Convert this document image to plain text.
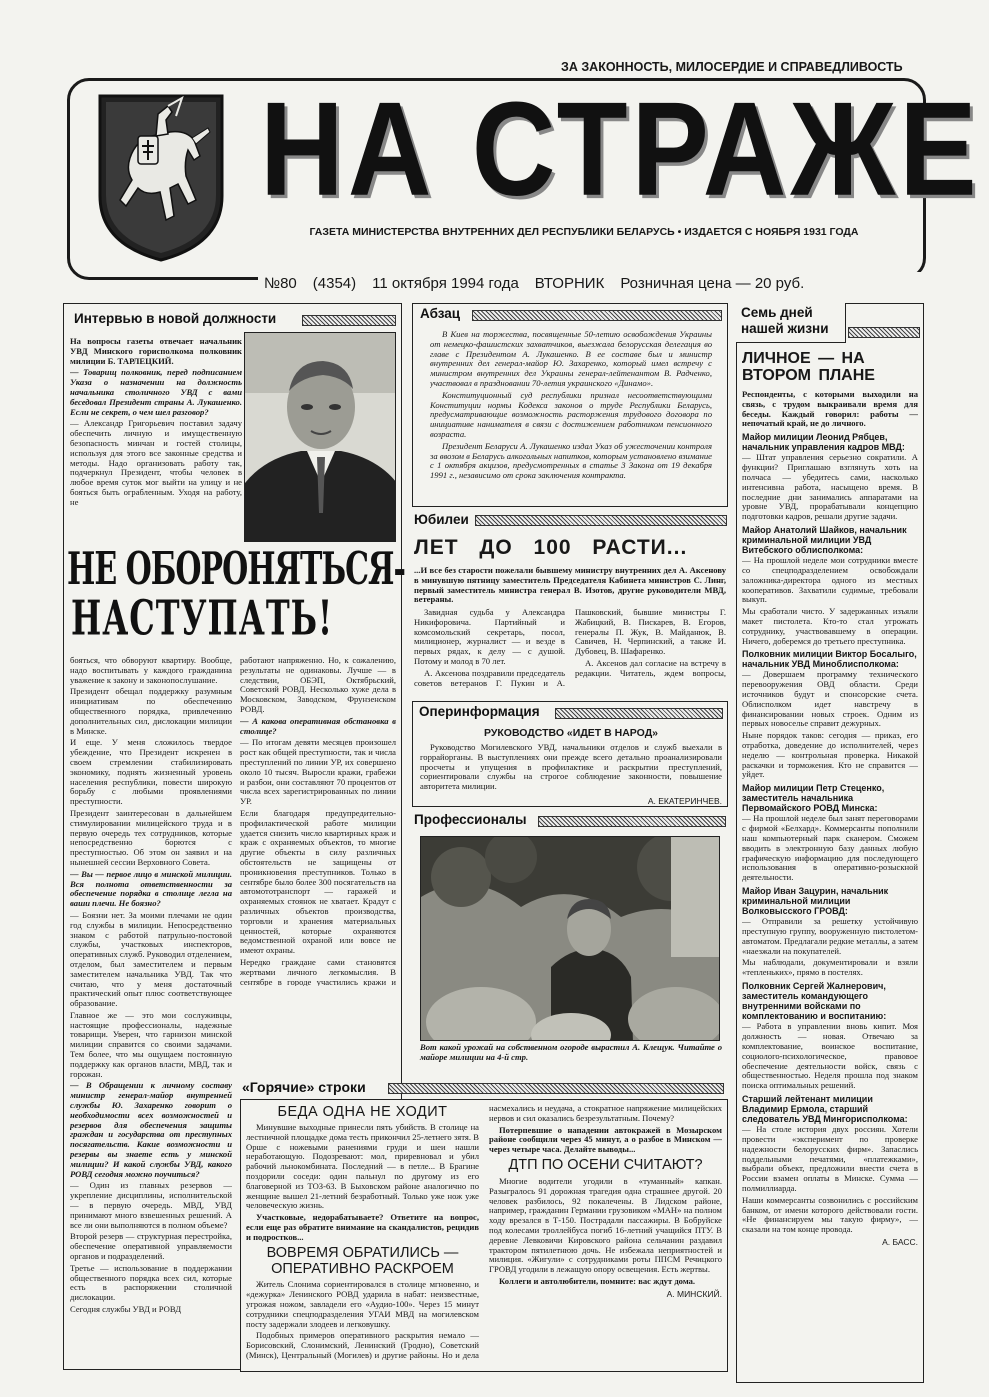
ЗА ЗАКОННОСТЬ, МИЛОСЕРДИЕ И СПРАВЕДЛИВОСТЬ
НА СТРАЖЕ
ГАЗЕТА МИНИСТЕРСТВА ВНУТРЕННИХ ДЕЛ РЕСПУБЛИКИ БЕЛАРУСЬ • ИЗДАЕТСЯ С НОЯБРЯ 1931 ГОДА
№80 (4354) 11 октября 1994 года ВТОРНИК Розничная цена — 20 руб.
Интервью в новой должности

На вопросы газеты отвечает начальник УВД Минского горисполкома полковник милиции Б. ТАРЛЕЦКИЙ.

— Товарищ полковник, перед подписанием Указа о назначении на должность начальника столичного УВД с вами беседовал Президент страны А. Лукашенко. Если не секрет, о чем шел разговор?

— Александр Григорьевич поставил задачу обеспечить личную и имущественную безопасность минчан и гостей столицы, используя для этого все законные средства и методы. Надо организовать работу так, подчеркнул Президент, чтобы человек в любое время суток мог выйти на улицу и не бояться быть ограбленным. Уходя на работу, не

НЕ ОБОРОНЯТЬСЯ-
НАСТУПАТЬ!

бояться, что обворуют квартиру. Вообще, надо воспитывать у каждого гражданина уважение к закону и законопослушание.

Президент обещал поддержку разумным инициативам по обеспечению общественного порядка, привлечению дополнительных сил, дислокации милиции в Минске.

И еще. У меня сложилось твердое убеждение, что Президент искренен в своем стремлении стабилизировать экономику, поднять жизненный уровень населения республики, повести широкую борьбу с любыми проявлениями преступности.

Президент заинтересован в дальнейшем стимулировании милицейского труда и в первую очередь тех сотрудников, которые непосредственно борются с преступностью. Об этом он заявил и на нынешней сессии Верховного Совета.

— Вы — первое лицо в минской милиции. Вся полнота ответственности за обеспечение порядка в столице легла на ваши плечи. Не боязно?

— Боязни нет. За моими плечами не один год службы в милиции. Непосредственно знаком с работой патрульно-постовой службы, участковых инспекторов, оперативных служб. Руководил отделением, отделом, был заместителем и первым заместителем начальника УВД. Так что считаю, что у меня достаточный практический опыт плюс соответствующее образование.

Главное же — это мои сослуживцы, настоящие профессионалы, надежные товарищи. Уверен, что гарнизон минской милиции справится со своими задачами. Тем более, что мы ощущаем постоянную поддержку как органов власти, МВД, так и горожан.

— В Обращении к личному составу министр генерал-майор внутренней службы Ю. Захаренко говорит о необходимости всех возможностей и резервов для обеспечения защиты граждан и государства от преступных посягательств. Какие возможности и резервы вы знаете есть у минской милиции? И какой службы УВД, какого РОВД сегодня можно поучиться?

— Один из главных резервов — укрепление дисциплины, исполнительской — в первую очередь. МВД, УВД принимают много взвешенных решений. А все ли они выполняются в полном объеме?

Второй резерв — структурная перестройка, обеспечение оперативной управляемости органов и подразделений.

Третье — использование в поддержании общественного порядка всех сил, которые есть в распоряжении столичной дислокации.

Сегодня службы УВД и РОВД

работают напряженно. Но, к сожалению, результаты не одинаковы. Лучше — в следствии, ОБЭП, Октябрьский, Советский РОВД. Несколько хуже дела в Московском, Заводском, Фрунзенском РОВД.

— А какова оперативная обстановка в столице?

— По итогам девяти месяцев произошел рост как общей преступности, так и числа преступлений по линии УР, их совершено около 10 тысяч. Выросли кражи, грабежи и разбои, они составляют 70 процентов от числа всех зарегистрированных по линии УР.

Если благодаря предупредительно-профилактической работе милиции удается снизить число квартирных краж и краж с охраняемых объектов, то многие другие объекты в силу различных обстоятельств не защищены от проникновения преступников. Только в сентябре было более 300 посягательств на автомототранспорт — гаражей и охраняемых стоянок не хватает. Крадут с различных объектов производства, торговли и хранения материальных ценностей, которые охраняются ведомственной охраной или вовсе не имеют охраны.

Нередко граждане сами становятся жертвами личного легкомыслия. В сентябре в городе участились кражи и

Абзац

В Киев на торжества, посвященные 50-летию освобождения Украины от немецко-фашистских захватчиков, выезжала белорусская делегация во главе с Президентом А. Лукашенко. В ее составе был и министр внутренних дел генерал-майор Ю. Захаренко, который имел встречу с министром внутренних дел Украины генерал-лейтенантом В. Радченко, участвовал в праздновании 70-летия украинского «Динамо».

Конституционный суд республики признал несоответствующими Конституции нормы Кодекса законов о труде Республики Беларусь, предусматривающие возможность расторжения трудового договора по инициативе нанимателя в связи с достижением работником пенсионного возраста.

Президент Беларуси А. Лукашенко издал Указ об ужесточении контроля за ввозом в Беларусь алкогольных напитков, которым установлено взимание с 1 октября акцизов, предусмотренных в статье 3 Закона от 19 декабря 1991 г., независимо от срока заключения контракта.

Юбилеи
ЛЕТ ДО 100 РАСТИ...

...И все без старости пожелали бывшему министру внутренних дел А. Аксенову в минувшую пятницу заместитель Председателя Кабинета министров С. Линг, первый заместитель министра генерал В. Изотов, другие руководители МВД, ветераны.

Завидная судьба у Александра Никифоровича. Партийный и комсомольский секретарь, посол, милиционер, журналист — и везде в первых рядах, к делу — с душой. Потому и молод в 70 лет.

А. Аксенова поздравили председатель советов ветеранов Г. Пукин и А. Пашковский, бывшие министры Г. Жабицкий, В. Пискарев, В. Егоров, генералы П. Жук, В. Майданюк, В. Савичев, Н. Черпинский, а также И. Дубовец, В. Шафаренко.

А. Аксенов дал согласие на встречу в редакции. Читатель, ждем вопросы,

Оперинформация
РУКОВОДСТВО «ИДЕТ В НАРОД»

Руководство Могилевского УВД, начальники отделов и служб выехали в горрайорганы. В выступлениях они прежде всего детально проанализировали просчеты и упущения в профилактике и раскрытии преступлений, сориентировали службы на строгое соблюдение законности, повышение авторитета милиции.

А. ЕКАТЕРИНЧЕВ.
Профессионалы

Вот какой урожай на собственном огороде вырастил А. Клещук. Читайте о майоре милиции на 4-й стр.

«Горячие» строки
БЕДА ОДНА НЕ ХОДИТ

Минувшие выходные принесли пять убийств. В столице на лестничной площадке дома тесть прикончил 25-летнего зятя. В Орше с ножевыми ранениями груди и шеи нашли неработающую. Подозревают: мол, приревновал и убил рабочий льнокомбината. Последний — в петле... В Брагине поздорили соседи: один пальнул по другому из его благоверной из ТОЗ-63. В Быховском районе аналогично по женщине вышел 21-летний безработный. Только уже нож уже человеческую жизнь.

Участковые, недорабатываете? Ответите на вопрос, если еще раз обратите внимание на скандалистов, рецидив и подростков...

ВОВРЕМЯ ОБРАТИЛИСЬ — ОПЕРАТИВНО РАСКРОЕМ

Житель Слонима сориентировался в столице мгновенно, и «дежурка» Ленинского РОВД ударила в набат: неизвестные, угрожая ножом, завладели его «Аудио-100». Через 15 минут сотрудники спецподразделения УГАИ МВД на могилевском посту задержали злодеев и легковушку.

Подобных примеров оперативного раскрытия немало — Борисовский, Слонимский, Ленинский (Гродно), Советский (Минск), Центральный (Могилев) и другие районы. Но и дела насмехались и неудача, а стократное напряжение милицейских нервов и сил оказались безрезультатным. Почему?

Потерпевшие о нападении автокражей в Мозырском районе сообщили через 45 минут, а о разбое в Минском — через четыре часа. Делайте выводы...

ДТП ПО ОСЕНИ СЧИТАЮТ?

Многие водители угодили в «туманный» капкан. Разыгралось 91 дорожная трагедия одна страшнее другой. 20 человек разбилось, 92 покалечены. В Лидском районе, например, гражданин Германии грузовиком «МАН» на полном ходу врезался в Т-150. Пострадали пассажиры. В Бобруйске под колесами троллейбуса погиб 16-летний учащийся ПТУ. В деревне Левковичи Кировского района сельчанин раздавил трактором пятилетнюю дочь. Не избежала неприятностей и милиция. «Жигули» с сотрудниками роты ППСМ Речицкого ГРОВД угодили в лежащую опору освещения. Есть жертвы.

Коллеги и автолюбители, помните: вас ждут дома.

А. МИНСКИЙ.
Семь дней нашей жизни
ЛИЧНОЕ — НА ВТОРОМ ПЛАНЕ

Респонденты, с которыми выходили на связь, с трудом выкраивали время для беседы. Каждый говорил: работы — непочатый край, не до личного.

Майор милиции Леонид Рябцев, начальник управления кадров МВД:

— Штат управления серьезно сократили. А функции? Приглашаю взглянуть хоть на полчаса — убедитесь сами, насколько интенсивна работа, насыщено время. В последние дни занимались аппаратами на уровне УВД, прорабатывали концепцию подготовки кадров, решали другие задачи.

Майор Анатолий Шайков, начальник криминальной милиции УВД Витебского облисполкома:

— На прошлой неделе мои сотрудники вместе со спецподразделением освобождали заложника-директора одного из местных кооперативов. Захватили судимые, требовали выкуп.

Мы сработали чисто. У задержанных изъяли макет пистолета. Кто-то стал угрожать сотруднику, участвовавшему в операции. Ничего, доберемся до третьего преступника.

Полковник милиции Виктор Босалыго, начальник УВД Миноблисполкома:

— Довершаем программу технического перевооружения ОВД области. Среди источников будут и спонсорские счета. Облисполком идет навстречу в финансировании новых строек. Одним из первых новоселье справит дежурных.

Ныне порядок таков: сегодня — приказ, его отработка, доведение до исполнителей, через неделю — контрольная проверка. Никакой раскачки и торможения. Кто не справится — уйдет.

Майор милиции Петр Стеценко, заместитель начальника Первомайского РОВД Минска:

— На прошлой неделе был занят переговорами с фирмой «Белхард». Коммерсанты пополнили наш компьютерный парк сканером. Сможем вводить в электронную базу данных любую графическую информацию для последующего использования в оперативно-розыскной деятельности.

Майор Иван Зацурин, начальник криминальной милиции Волковысского ГРОВД:

— Отправили за решетку устойчивую преступную группу, вооруженную пистолетом-автоматом. Предлагали редкие металлы, а затем «наезжали на покупателей.

Мы наблюдали, документировали и взяли «тепленьких», прямо в постелях.

Полковник Сергей Жалнерович, заместитель командующего внутренними войсками по комплектованию и воспитанию:

— Работа в управлении вновь кипит. Моя должность — новая. Отвечаю за комплектование, воинское воспитание, социолого-психологическое, правовое обеспечение деятельности войск, связь с общественностью. Неделя прошла под знаком поиска оптимальных решений.

Старший лейтенант милиции Владимир Ермола, старший следователь УВД Мингорисполкома:

— На столе история двух россиян. Хотели провести «эксперимент по проверке надежности белорусских фирм». Запаслись поддельными печатями, «платежками», выбрали объект, предложили внести счета в России взамен оплаты в Минске. Сумма — полмиллиарда.

Наши коммерсанты созвонились с российским банком, от имени которого действовали гости. «Не финансируем мы такую фирму», — сказали на том конце провода.

А. БАСС.
